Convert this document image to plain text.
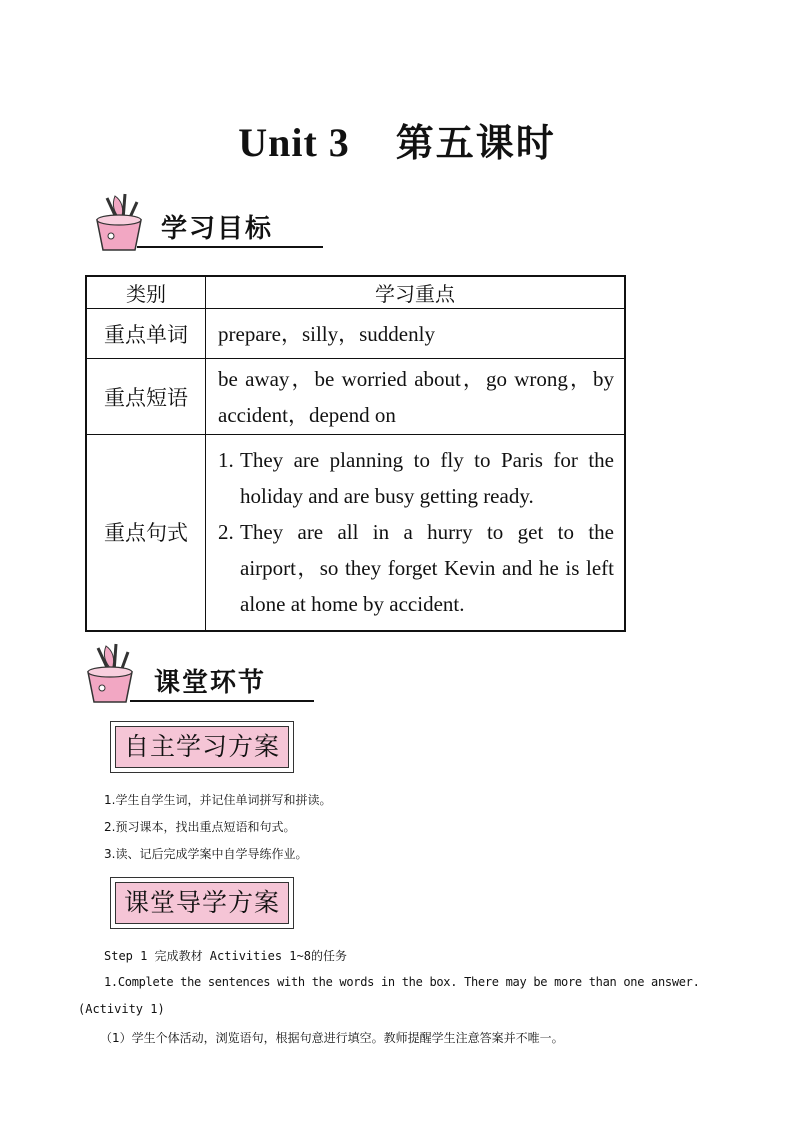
Unit 3 第五课时
学习目标
类别	学习重点
重点单词	prepare，silly，suddenly
重点短语	be away，be worried about，go wrong，by accident，depend on
重点句式	1. They are planning to fly to Paris for the holiday and are busy getting ready.
2. They are all in a hurry to get to the airport，so they forget Kevin and he is left alone at home by accident.
课堂环节
自主学习方案
1.学生自学生词，并记住单词拼写和拼读。
2.预习课本，找出重点短语和句式。
3.读、记后完成学案中自学导练作业。
课堂导学方案
Step 1 完成教材 Activities 1~8的任务
1.Complete the sentences with the words in the box. There may be more than one answer.
(Activity 1)
（1）学生个体活动，浏览语句，根据句意进行填空。教师提醒学生注意答案并不唯一。
